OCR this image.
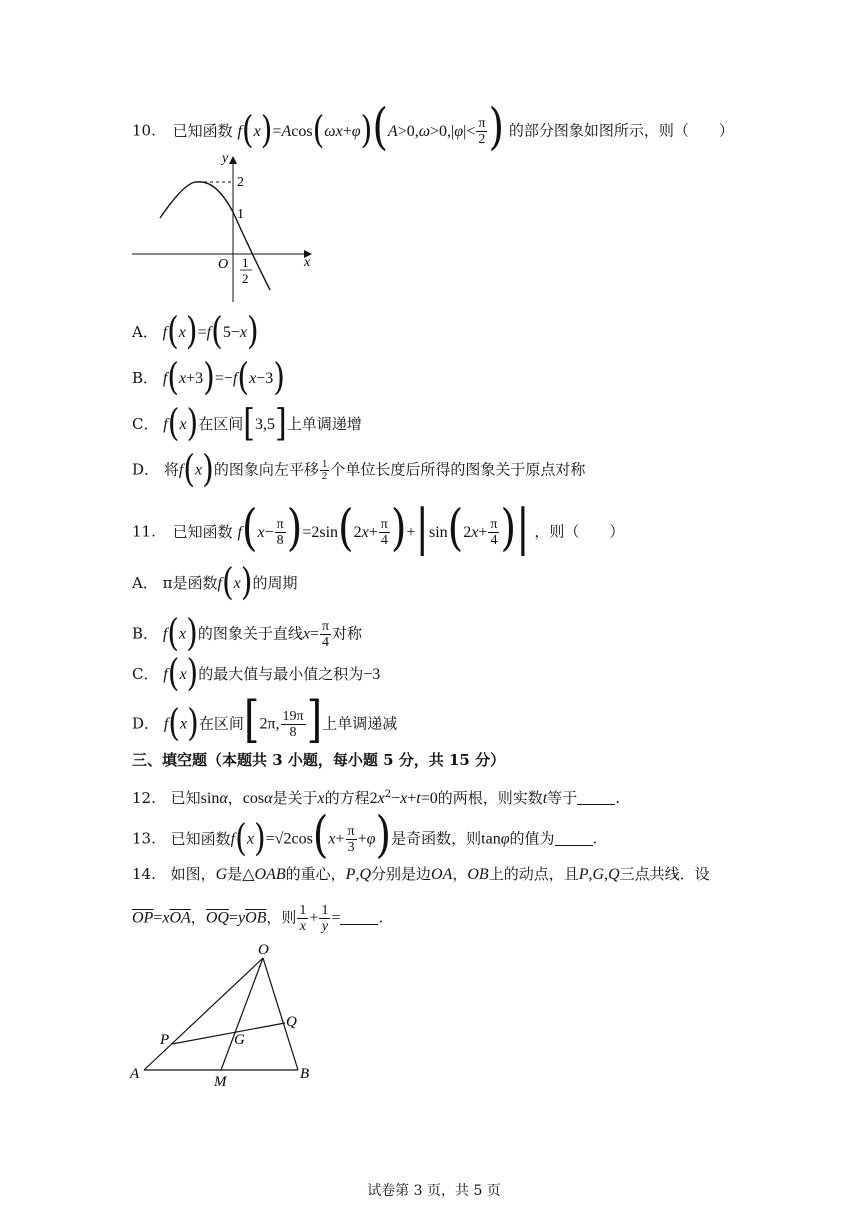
10. 已知函数 $f(x)=Acos(\omega x+\varphi)(A>0,\omega>0,|\varphi|< \frac{\pi}{2}$ ) 的部分图象如图所示，则（　　）
y
x
O
2
1
1
2
A． f(x)=f(5−x)
B． f(x+3)=−f(x−3)
C． f(x)在区间[3,5]上单调递增
D． 将f(x)的图象向左平移 $\frac{1}{2}$ 个单位长度后所得的图象关于原点对称
11. 已知函数 $f(x- \frac{\pi}{8} )=2\sin(2x+ \frac{\pi}{4} )+|\sin(2x+ \frac{\pi}{4}$ )| ，则（　　）
A． π是函数f(x)的周期
B． f(x)的图象关于直线$x= \frac{\pi}{4}$ 对称
C． f(x)的最大值与最小值之积为−3
D． f(x)在区间[2π, $\frac{19\pi}{8}$ ]上单调递减
三、填空题（本题共 3 小题，每小题 5 分，共 15 分）
12. 已知sinα，cosα是关于x的方程$2x^2-x+t=0$的两根，则实数t等于	.
13. 已知函数$f(x)=√2\cos(x+ \frac{\pi}{3} +\varphi)$是奇函数，则tanφ的值为	.
14. 如图，G是△OAB的重心，P,Q分别是边OA，OB上的动点，且P,G,Q三点共线．设
$\overline{OP}=x\overline{OA}$，$\overline{OQ}=y\overline{OB}$，则 $\frac{1}{x} + \frac{1}{y}$ =	.
O
P
Q
G
A	M	B
试卷第 3 页，共 5 页
